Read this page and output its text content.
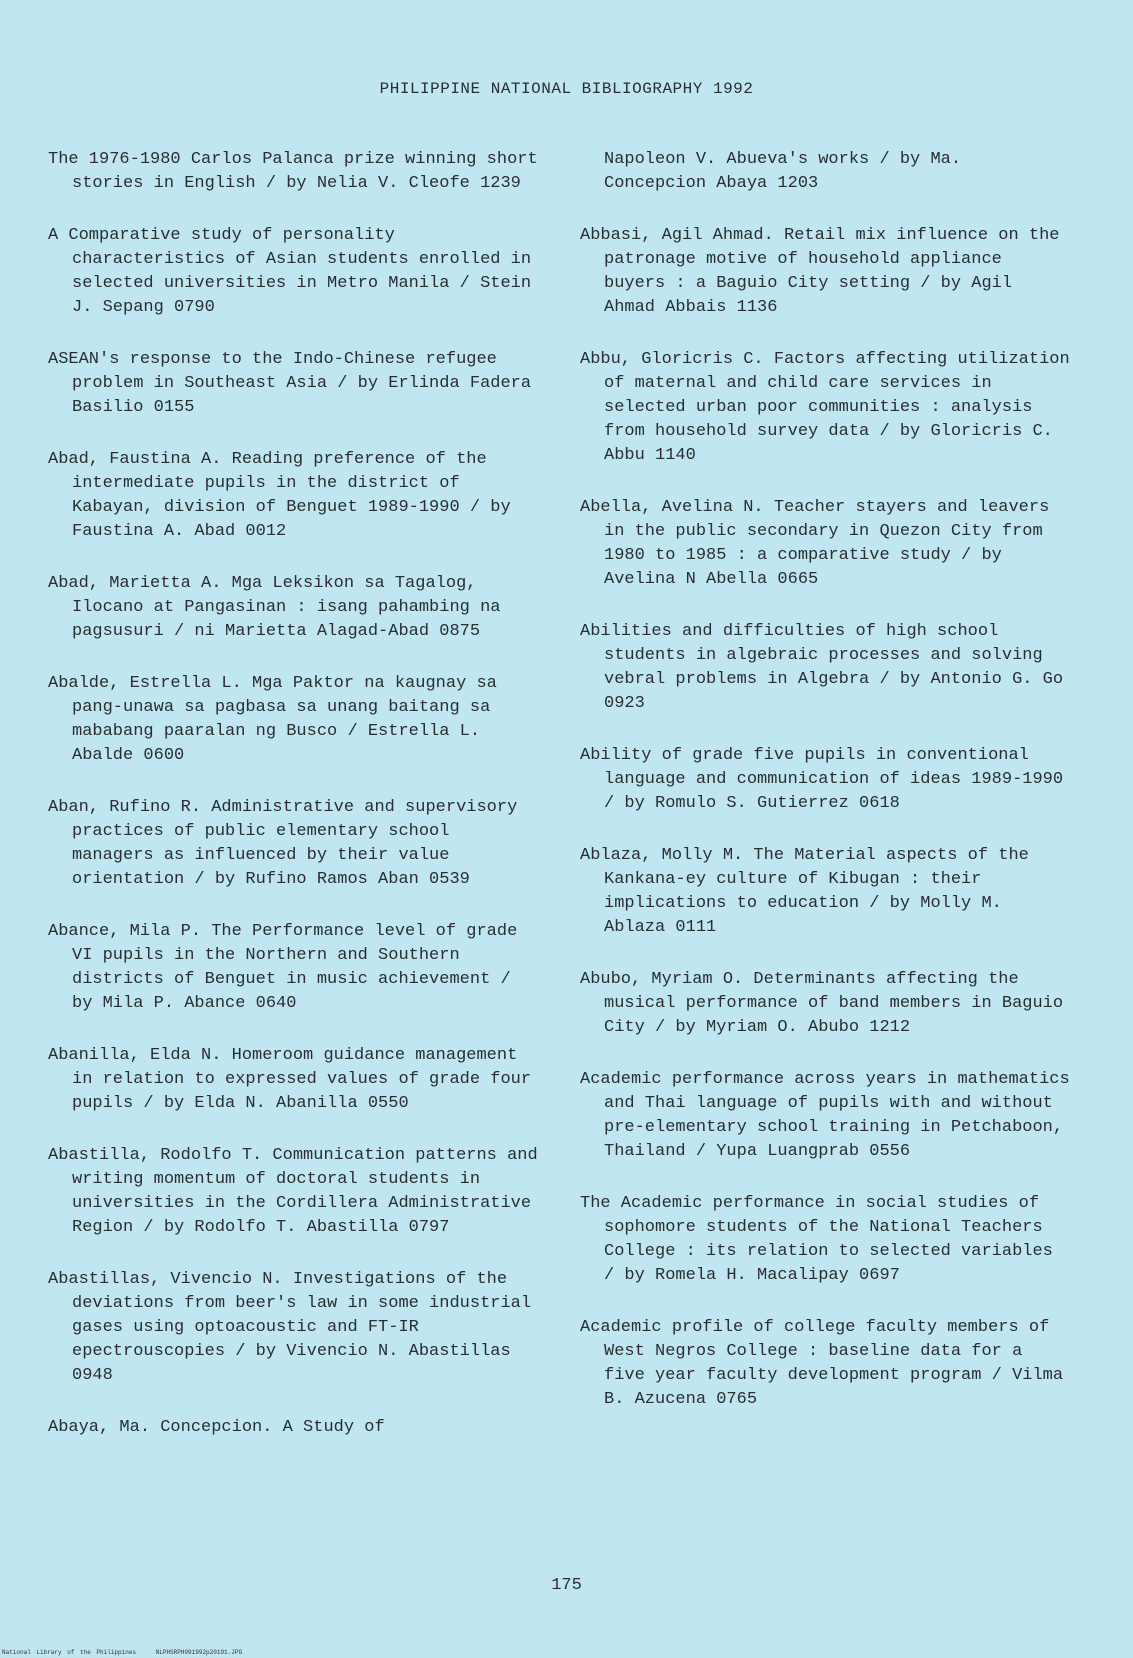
PHILIPPINE NATIONAL BIBLIOGRAPHY 1992

The 1976-1980 Carlos Palanca prize winning short stories in English / by Nelia V. Cleofe 1239

A Comparative study of personality characteristics of Asian students enrolled in selected universities in Metro Manila / Stein J. Sepang 0790

ASEAN's response to the Indo-Chinese refugee problem in Southeast Asia / by Erlinda Fadera Basilio 0155

Abad, Faustina A. Reading preference of the intermediate pupils in the district of Kabayan, division of Benguet 1989-1990 / by Faustina A. Abad 0012

Abad, Marietta A. Mga Leksikon sa Tagalog, Ilocano at Pangasinan : isang pahambing na pagsusuri / ni Marietta Alagad-Abad 0875

Abalde, Estrella L. Mga Paktor na kaugnay sa pang-unawa sa pagbasa sa unang baitang sa mababang paaralan ng Busco / Estrella L. Abalde 0600

Aban, Rufino R. Administrative and supervisory practices of public elementary school managers as influenced by their value orientation / by Rufino Ramos Aban 0539

Abance, Mila P. The Performance level of grade VI pupils in the Northern and Southern districts of Benguet in music achievement / by Mila P. Abance 0640

Abanilla, Elda N. Homeroom guidance management in relation to expressed values of grade four pupils / by Elda N. Abanilla 0550

Abastilla, Rodolfo T. Communication patterns and writing momentum of doctoral students in universities in the Cordillera Administrative Region / by Rodolfo T. Abastilla 0797

Abastillas, Vivencio N. Investigations of the deviations from beer's law in some industrial gases using optoacoustic and FT-IR epectrouscopies / by Vivencio N. Abastillas 0948

Abaya, Ma. Concepcion. A Study of

Napoleon V. Abueva's works / by Ma. Concepcion Abaya 1203

Abbasi, Agil Ahmad. Retail mix influence on the patronage motive of household appliance buyers : a Baguio City setting / by Agil Ahmad Abbais 1136

Abbu, Gloricris C. Factors affecting utilization of maternal and child care services in selected urban poor communities : analysis from household survey data / by Gloricris C. Abbu 1140

Abella, Avelina N. Teacher stayers and leavers in the public secondary in Quezon City from 1980 to 1985 : a comparative study / by Avelina N Abella 0665

Abilities and difficulties of high school students in algebraic processes and solving vebral problems in Algebra / by Antonio G. Go 0923

Ability of grade five pupils in conventional language and communication of ideas 1989-1990 / by Romulo S. Gutierrez 0618

Ablaza, Molly M. The Material aspects of the Kankana-ey culture of Kibugan : their implications to education / by Molly M. Ablaza 0111

Abubo, Myriam O. Determinants affecting the musical performance of band members in Baguio City / by Myriam O. Abubo 1212

Academic performance across years in mathematics and Thai language of pupils with and without pre-elementary school training in Petchaboon, Thailand / Yupa Luangprab 0556

The Academic performance in social studies of sophomore students of the National Teachers College : its relation to selected variables / by Romela H. Macalipay 0697

Academic profile of college faculty members of West Negros College : baseline data for a five year faculty development program / Vilma B. Azucena 0765

175
National Library of the Philippines	NLPHSRPH091992p20191.JPG
